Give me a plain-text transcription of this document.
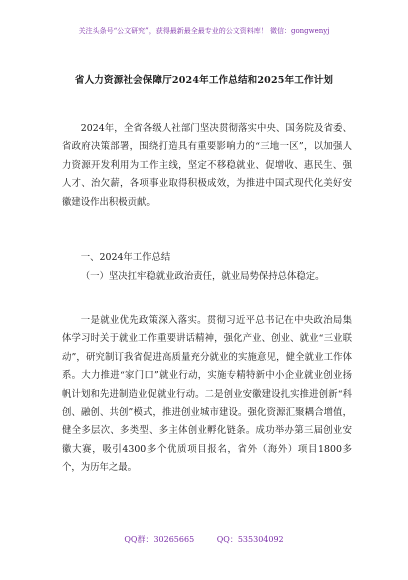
关注头条号“公文研究”，获得最新最全最专业的公文资料库！ 微信：gongwenyj
省人力资源社会保障厅2024年工作总结和2025年工作计划

2024年，全省各级人社部门坚决贯彻落实中央、国务院及省委、省政府决策部署，围绕打造具有重要影响力的“三地一区”，以加强人力资源开发利用为工作主线，坚定不移稳就业、促增收、惠民生、强人才、治欠薪，各项事业取得积极成效，为推进中国式现代化美好安徽建设作出积极贡献。

一、2024年工作总结

（一）坚决扛牢稳就业政治责任，就业局势保持总体稳定。

一是就业优先政策深入落实。贯彻习近平总书记在中央政治局集体学习时关于就业工作重要讲话精神，强化产业、创业、就业“三业联动”，研究制订我省促进高质量充分就业的实施意见，健全就业工作体系。大力推进“家门口”就业行动，实施专精特新中小企业就业创业扬帆计划和先进制造业促就业行动。二是创业安徽建设扎实推进创新“科创、融创、共创”模式，推进创业城市建设。强化资源汇聚耦合增值，健全多层次、多类型、多主体创业孵化链条。成功举办第三届创业安徽大赛，吸引4300多个优质项目报名，省外（海外）项目1800多个，为历年之最。

QQ群：30265665	QQ：535304092
